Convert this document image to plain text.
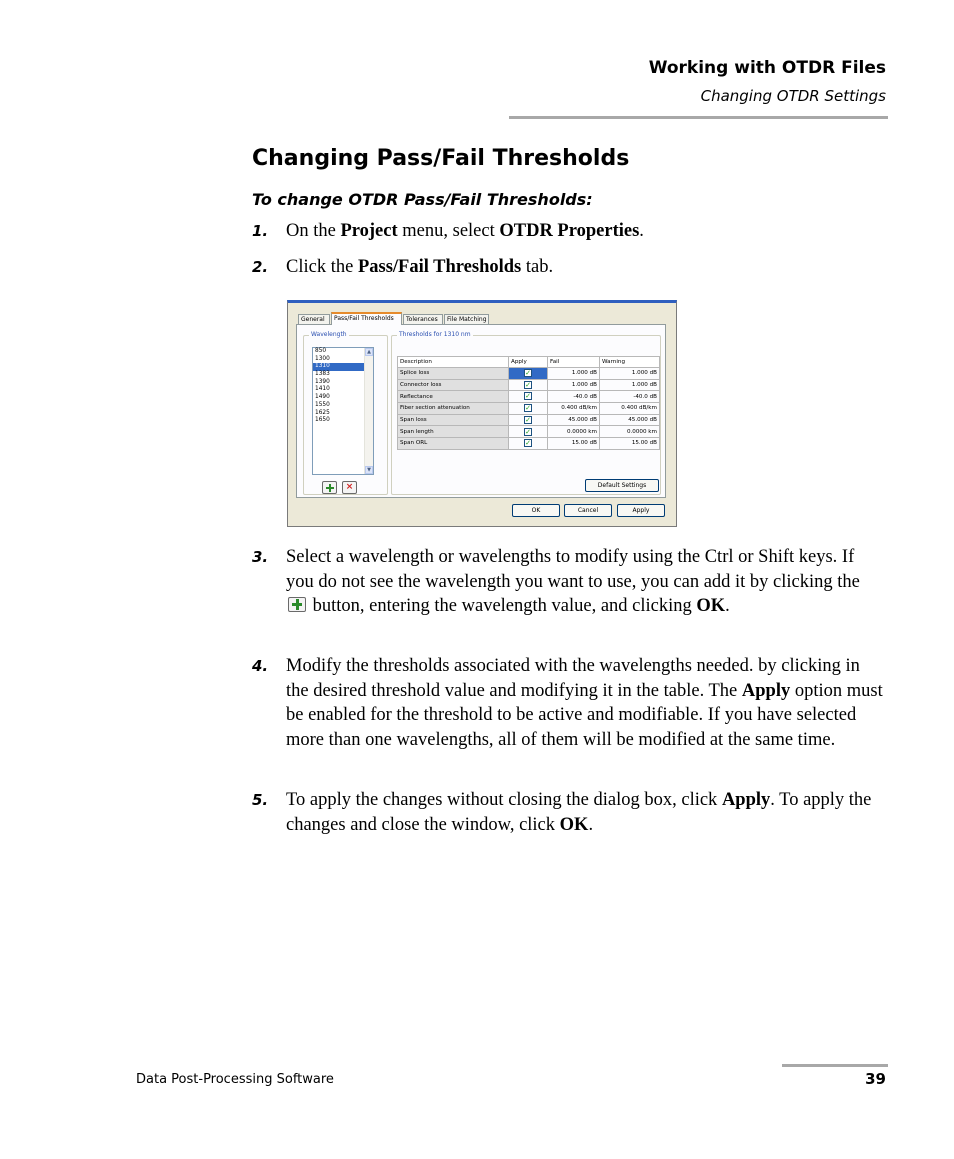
Working with OTDR Files
Changing OTDR Settings
Changing Pass/Fail Thresholds
To change OTDR Pass/Fail Thresholds:
1. On the Project menu, select OTDR Properties.
2. Click the Pass/Fail Thresholds tab.
General	Pass/Fail Thresholds	Tolerances	File Matching
Wavelength
850
1300
1310
1383
1390
1410
1490
1550
1625
1650
▲
▼
×
Thresholds for 1310 nm
Description	Apply	Fail	Warning
Splice loss	✓	1.000 dB	1.000 dB
Connector loss	✓	1.000 dB	1.000 dB
Reflectance	✓	-40.0 dB	-40.0 dB
Fiber section attenuation	✓	0.400 dB/km	0.400 dB/km
Span loss	✓	45.000 dB	45.000 dB
Span length	✓	0.0000 km	0.0000 km
Span ORL	✓	15.00 dB	15.00 dB
Default Settings
OK	Cancel	Apply
3. Select a wavelength or wavelengths to modify using the Ctrl or Shift keys. If you do not see the wavelength you want to use, you can add it by clicking the  button, entering the wavelength value, and clicking OK.
4. Modify the thresholds associated with the wavelengths needed. by clicking in the desired threshold value and modifying it in the table. The Apply option must be enabled for the threshold to be active and modifiable. If you have selected more than one wavelengths, all of them will be modified at the same time.
5. To apply the changes without closing the dialog box, click Apply. To apply the changes and close the window, click OK.
Data Post-Processing Software	39
